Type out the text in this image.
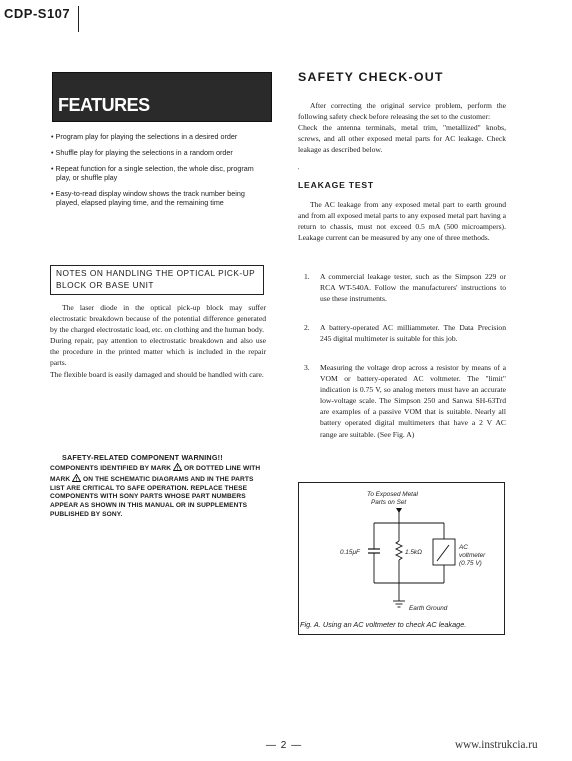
CDP-S107
FEATURES
• Program play for playing the selections in a desired order
• Shuffle play for playing the selections in a random order
• Repeat function for a single selection, the whole disc, program play, or shuffle play
• Easy-to-read display window shows the track number being played, elapsed playing time, and the remaining time
NOTES ON HANDLING THE OPTICAL PICK-UP BLOCK OR BASE UNIT

The laser diode in the optical pick-up block may suffer electrostatic breakdown because of the potential difference generated by the charged electrostatic load, etc. on clothing and the human body.

During repair, pay attention to electrostatic breakdown and also use the procedure in the printed matter which is included in the repair parts.

The flexible board is easily damaged and should be handled with care.

SAFETY-RELATED COMPONENT WARNING!!
COMPONENTS IDENTIFIED BY MARK ! OR DOTTED LINE WITH MARK ! ON THE SCHEMATIC DIAGRAMS AND IN THE PARTS LIST ARE CRITICAL TO SAFE OPERATION. REPLACE THESE COMPONENTS WITH SONY PARTS WHOSE PART NUMBERS APPEAR AS SHOWN IN THIS MANUAL OR IN SUPPLEMENTS PUBLISHED BY SONY.
SAFETY CHECK-OUT

After correcting the original service problem, perform the following safety check before releasing the set to the customer:

Check the antenna terminals, metal trim, "metallized" knobs, screws, and all other exposed metal parts for AC leakage. Check leakage as described below.

'
LEAKAGE TEST

The AC leakage from any exposed metal part to earth ground and from all exposed metal parts to any exposed metal part having a return to chassis, must not exceed 0.5 mA (500 microampers). Leakage current can be measured by any one of three methods.

1.	A commercial leakage tester, such as the Simpson 229 or RCA WT-540A. Follow the manufacturers' instructions to use these instruments.
2.	A battery-operated AC milliammeter. The Data Precision 245 digital multimeter is suitable for this job.
3.	Measuring the voltage drop across a resistor by means of a VOM or battery-operated AC voltmeter. The "limit" indication is 0.75 V, so analog meters must have an accurate low-voltage scale. The Simpson 250 and Sanwa SH-63Trd are examples of a passive VOM that is suitable. Nearly all battery operated digital multimeters that have a 2 V AC range are suitable. (See Fig. A)
To Exposed Metal
Parts on Set
0.15μF	1.5kΩ
AC
voltmeter
(0.75 V)
Earth Ground
Fig. A. Using an AC voltmeter to check AC leakage.
— 2 —	www.instrukcia.ru
